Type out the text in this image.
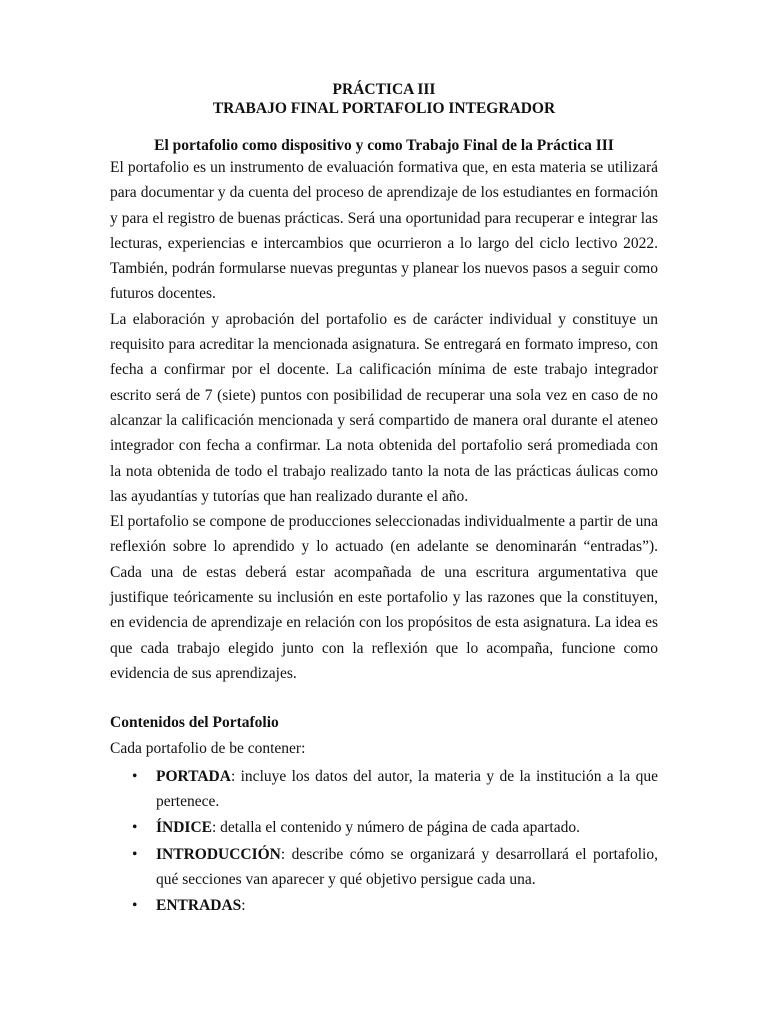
PRÁCTICA III
TRABAJO FINAL PORTAFOLIO INTEGRADOR
El portafolio como dispositivo y como Trabajo Final de la Práctica III

El portafolio es un instrumento de evaluación formativa que, en esta materia se utilizará para documentar y da cuenta del proceso de aprendizaje de los estudiantes en formación y para el registro de buenas prácticas. Será una oportunidad para recuperar e integrar las lecturas, experiencias e intercambios que ocurrieron a lo largo del ciclo lectivo 2022. También, podrán formularse nuevas preguntas y planear los nuevos pasos a seguir como futuros docentes.

La elaboración y aprobación del portafolio es de carácter individual y constituye un requisito para acreditar la mencionada asignatura. Se entregará en formato impreso, con fecha a confirmar por el docente. La calificación mínima de este trabajo integrador escrito será de 7 (siete) puntos con posibilidad de recuperar una sola vez en caso de no alcanzar la calificación mencionada y será compartido de manera oral durante el ateneo integrador con fecha a confirmar. La nota obtenida del portafolio será promediada con la nota obtenida de todo el trabajo realizado tanto la nota de las prácticas áulicas como las ayudantías y tutorías que han realizado durante el año.

El portafolio se compone de producciones seleccionadas individualmente a partir de una reflexión sobre lo aprendido y lo actuado (en adelante se denominarán “entradas”). Cada una de estas deberá estar acompañada de una escritura argumentativa que justifique teóricamente su inclusión en este portafolio y las razones que la constituyen, en evidencia de aprendizaje en relación con los propósitos de esta asignatura. La idea es que cada trabajo elegido junto con la reflexión que lo acompaña, funcione como evidencia de sus aprendizajes.

Contenidos del Portafolio
Cada portafolio de be contener:
• PORTADA: incluye los datos del autor, la materia y de la institución a la que pertenece.
• ÍNDICE: detalla el contenido y número de página de cada apartado.
• INTRODUCCIÓN: describe cómo se organizará y desarrollará el portafolio, qué secciones van aparecer y qué objetivo persigue cada una.
• ENTRADAS:
